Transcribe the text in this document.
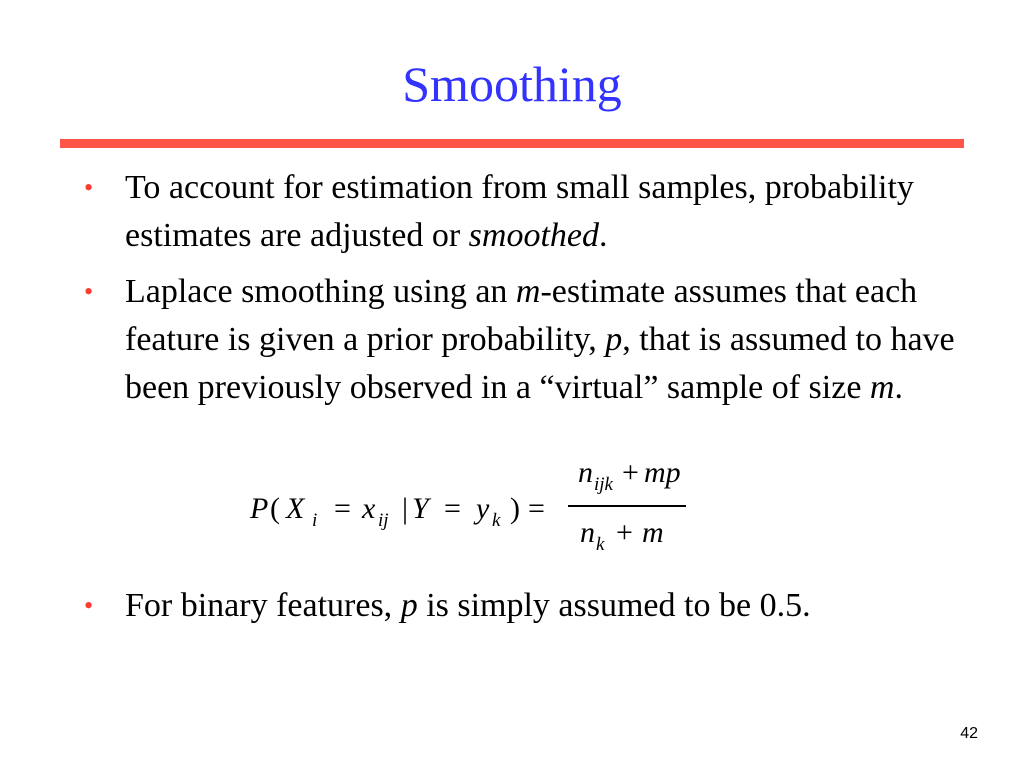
Smoothing
• To account for estimation from small samples, probability estimates are adjusted or smoothed.
• Laplace smoothing using an m-estimate assumes that each feature is given a prior probability, p, that is assumed to have been previously observed in a “virtual” sample of size m.
P ( X i = x ij | Y = y k ) =
n ijk + mp
n k + m
• For binary features, p is simply assumed to be 0.5.
42
